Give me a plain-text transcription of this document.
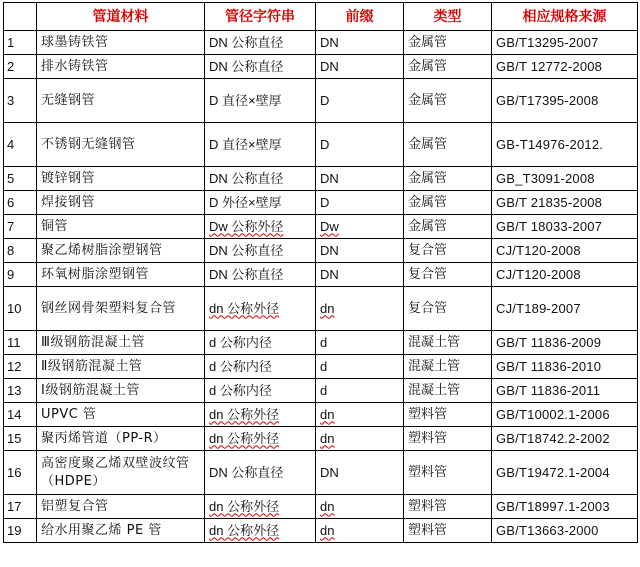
	管道材料	管径字符串	前缀	类型	相应规格来源
1	球墨铸铁管	DN 公称直径	DN	金属管	GB/T13295-2007
2	排水铸铁管	DN 公称直径	DN	金属管	GB/T 12772-2008
3	无缝钢管	D 直径×壁厚	D	金属管	GB/T17395-2008
4	不锈钢无缝钢管	D 直径×壁厚	D	金属管	GB-T14976-2012.
5	镀锌钢管	DN 公称直径	DN	金属管	GB_T3091-2008
6	焊接钢管	D 外径×壁厚	D	金属管	GB/T 21835-2008
7	铜管	Dw 公称外径	Dw	金属管	GB/T 18033-2007
8	聚乙烯树脂涂塑钢管	DN 公称直径	DN	复合管	CJ/T120-2008
9	环氧树脂涂塑钢管	DN 公称直径	DN	复合管	CJ/T120-2008
10	钢丝网骨架塑料复合管	dn 公称外径	dn	复合管	CJ/T189-2007
11	Ⅲ级钢筋混凝土管	d 公称内径	d	混凝土管	GB/T 11836-2009
12	Ⅱ级钢筋混凝土管	d 公称内径	d	混凝土管	GB/T 11836-2010
13	Ⅰ级钢筋混凝土管	d 公称内径	d	混凝土管	GB/T 11836-2011
14	UPVC 管	dn 公称外径	dn	塑料管	GB/T10002.1-2006
15	聚丙烯管道（PP-R）	dn 公称外径	dn	塑料管	GB/T18742.2-2002
16	高密度聚乙烯双壁波纹管（HDPE）	DN 公称直径	DN	塑料管	GB/T19472.1-2004
17	铝塑复合管	dn 公称外径	dn	塑料管	GB/T18997.1-2003
19	给水用聚乙烯 PE 管	dn 公称外径	dn	塑料管	GB/T13663-2000
